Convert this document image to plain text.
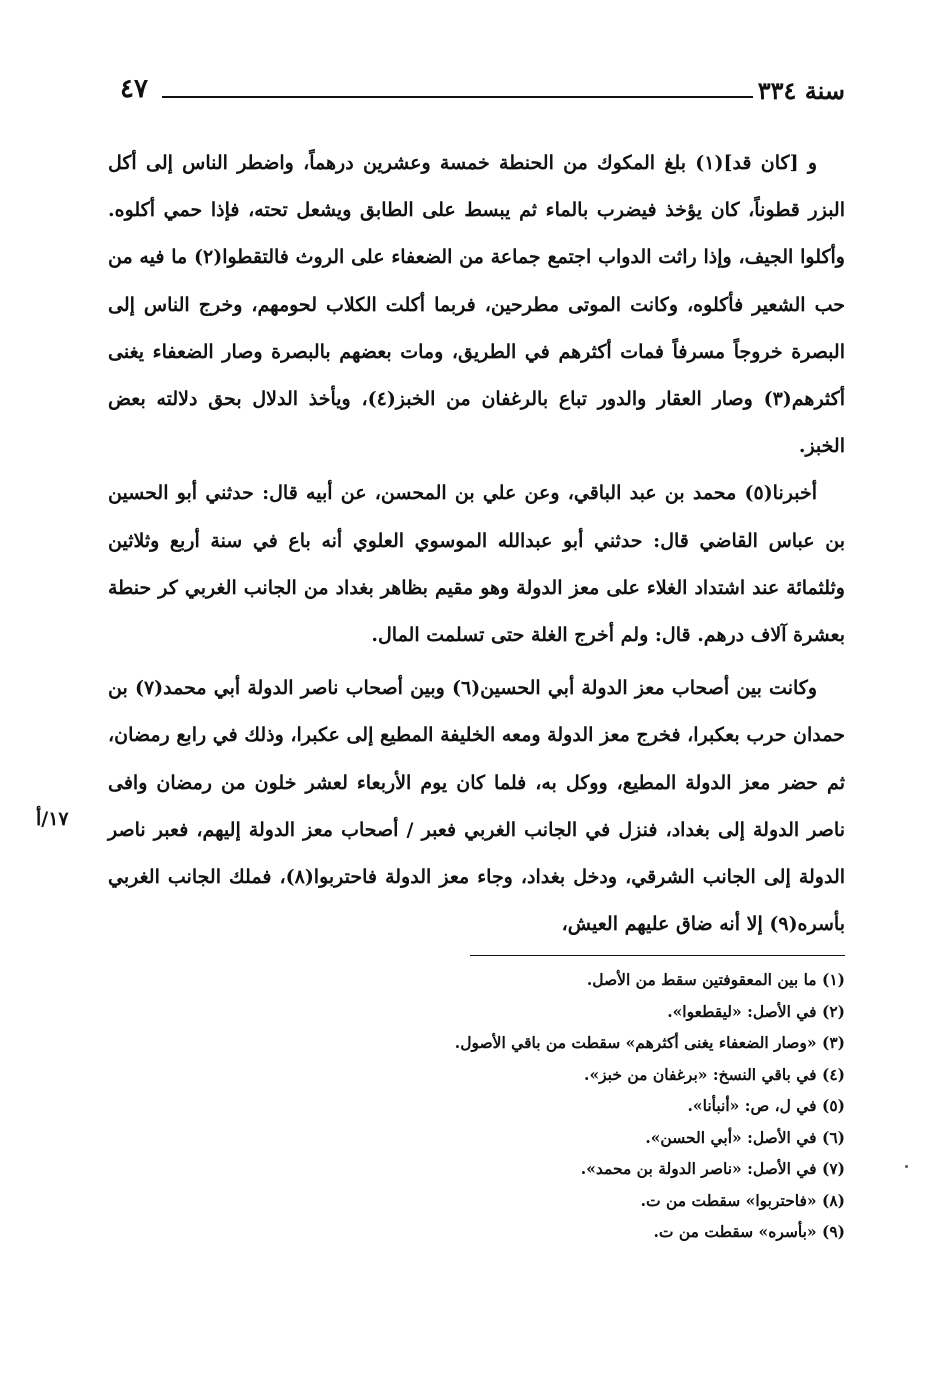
سنة ٣٣٤
٤٧

و [كان قد](١) بلغ المكوك من الحنطة خمسة وعشرين درهماً، واضطر الناس إلى أكل البزر قطوناً، كان يؤخذ فيضرب بالماء ثم يبسط على الطابق ويشعل تحته، فإذا حمي أكلوه. وأكلوا الجيف، وإذا راثت الدواب اجتمع جماعة من الضعفاء على الروث فالتقطوا(٢) ما فيه من حب الشعير فأكلوه، وكانت الموتى مطرحين، فربما أكلت الكلاب لحومهم، وخرج الناس إلى البصرة خروجاً مسرفاً فمات أكثرهم في الطريق، ومات بعضهم بالبصرة وصار الضعفاء يغنى أكثرهم(٣) وصار العقار والدور تباع بالرغفان من الخبز(٤)، ويأخذ الدلال بحق دلالته بعض الخبز.

أخبرنا(٥) محمد بن عبد الباقي، وعن علي بن المحسن، عن أبيه قال: حدثني أبو الحسين بن عباس القاضي قال: حدثني أبو عبدالله الموسوي العلوي أنه باع في سنة أربع وثلاثين وثلثمائة عند اشتداد الغلاء على معز الدولة وهو مقيم بظاهر بغداد من الجانب الغربي كر حنطة بعشرة آلاف درهم. قال: ولم أخرج الغلة حتى تسلمت المال.

وكانت بين أصحاب معز الدولة أبي الحسين(٦) وبين أصحاب ناصر الدولة أبي محمد(٧) بن حمدان حرب بعكبرا، فخرج معز الدولة ومعه الخليفة المطيع إلى عكبرا، وذلك في رابع رمضان، ثم حضر معز الدولة المطيع، ووكل به، فلما كان يوم الأربعاء لعشر خلون من رمضان وافى ناصر الدولة إلى بغداد، فنزل في الجانب الغربي فعبر / أصحاب معز الدولة إليهم، فعبر ناصر الدولة إلى الجانب الشرقي، ودخل بغداد، وجاء معز الدولة فاحتربوا(٨)، فملك الجانب الغربي بأسره(٩) إلا أنه ضاق عليهم العيش،

١٧/أ
(١) ما بين المعقوفتين سقط من الأصل.
(٢) في الأصل: «ليقطعوا».
(٣) «وصار الضعفاء يغنى أكثرهم» سقطت من باقي الأصول.
(٤) في باقي النسخ: «برغفان من خبز».
(٥) في ل، ص: «أنبأنا».
(٦) في الأصل: «أبي الحسن».
(٧) في الأصل: «ناصر الدولة بن محمد».
(٨) «فاحتربوا» سقطت من ت.
(٩) «بأسره» سقطت من ت.
